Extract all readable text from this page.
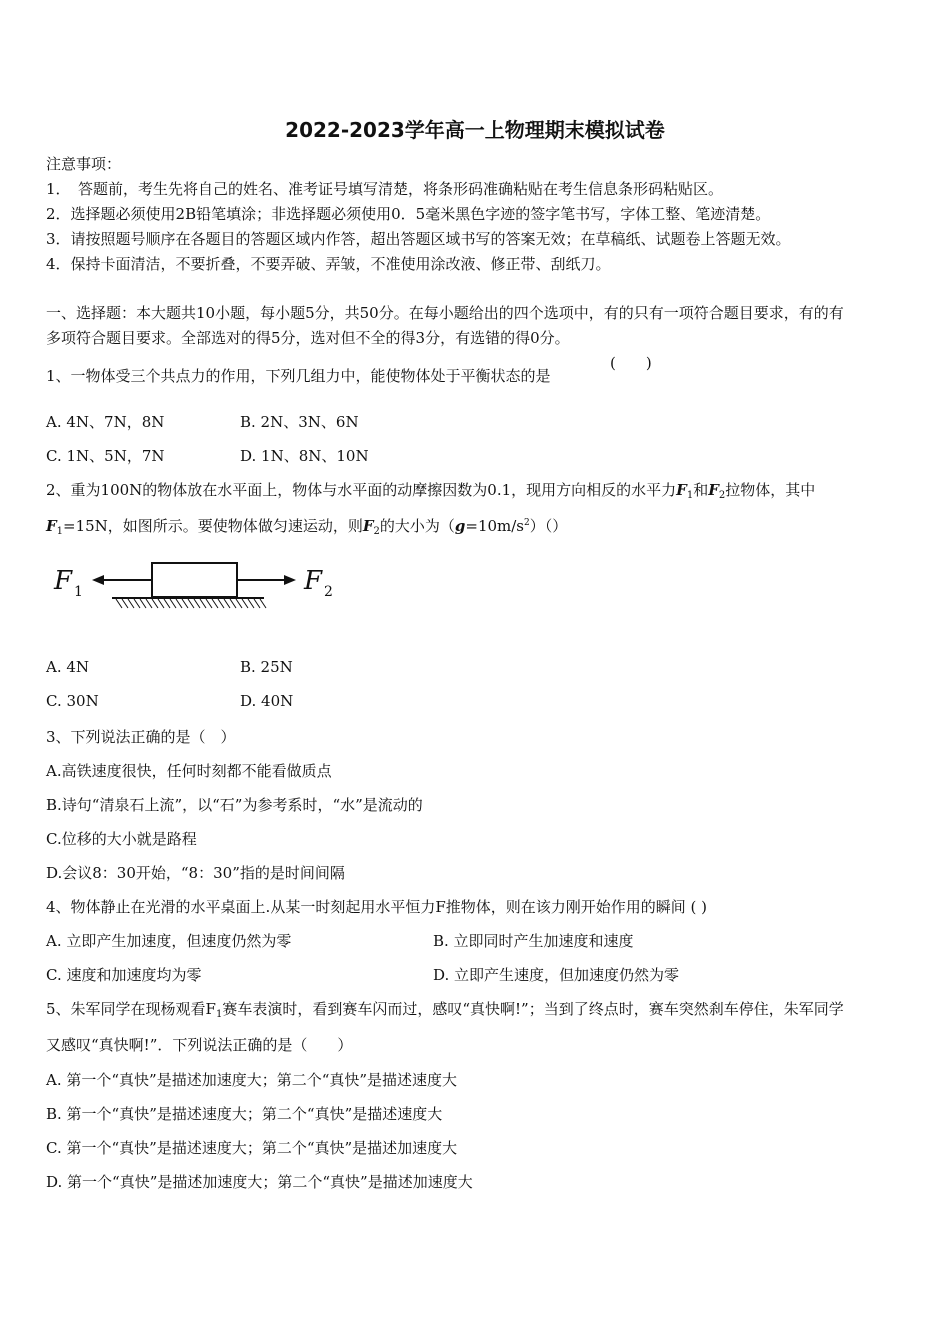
2022-2023学年高一上物理期末模拟试卷
注意事项：
1．　答题前，考生先将自己的姓名、准考证号填写清楚，将条形码准确粘贴在考生信息条形码粘贴区。
2．选择题必须使用2B铅笔填涂；非选择题必须使用0．5毫米黑色字迹的签字笔书写，字体工整、笔迹清楚。
3．请按照题号顺序在各题目的答题区域内作答，超出答题区域书写的答案无效；在草稿纸、试题卷上答题无效。
4．保持卡面清洁，不要折叠，不要弄破、弄皱，不准使用涂改液、修正带、刮纸刀。
一、选择题：本大题共10小题，每小题5分，共50分。在每小题给出的四个选项中，有的只有一项符合题目要求，有的有
多项符合题目要求。全部选对的得5分，选对但不全的得3分，有选错的得0分。
1、一物体受三个共点力的作用，下列几组力中，能使物体处于平衡状态的是
(　　)
A. 4N、7N，8N	B. 2N、3N、6N
C. 1N、5N，7N	D. 1N、8N、10N
2、重为100N的物体放在水平面上，物体与水平面的动摩擦因数为0.1，现用方向相反的水平力$F_1$和$F_2$拉物体，其中
$F_1=15N$，如图所示。要使物体做匀速运动，则$F_2$的大小为$(g=10m/s^2)()$
F 1	F 2
A. 4N	B. 25N
C. 30N	D. 40N
3、下列说法正确的是（　）
A.高铁速度很快，任何时刻都不能看做质点
B.诗句“清泉石上流”，以“石”为参考系时，“水”是流动的
C.位移的大小就是路程
D.会议8：30开始，“8：30”指的是时间间隔
4、物体静止在光滑的水平桌面上.从某一时刻起用水平恒力F推物体，则在该力刚开始作用的瞬间 ( )
A. 立即产生加速度，但速度仍然为零	B. 立即同时产生加速度和速度
C. 速度和加速度均为零	D. 立即产生速度，但加速度仍然为零
5、朱军同学在现杨观看$F_1$赛车表演时，看到赛车闪而过，感叹“真快啊!”；当到了终点时，赛车突然刹车停住，朱军同学
又感叹“真快啊!”．下列说法正确的是（　　）
A. 第一个“真快”是描述加速度大；第二个“真快”是描述速度大
B. 第一个“真快”是描述速度大；第二个“真快”是描述速度大
C. 第一个“真快”是描述速度大；第二个“真快”是描述加速度大
D. 第一个“真快”是描述加速度大；第二个“真快”是描述加速度大
